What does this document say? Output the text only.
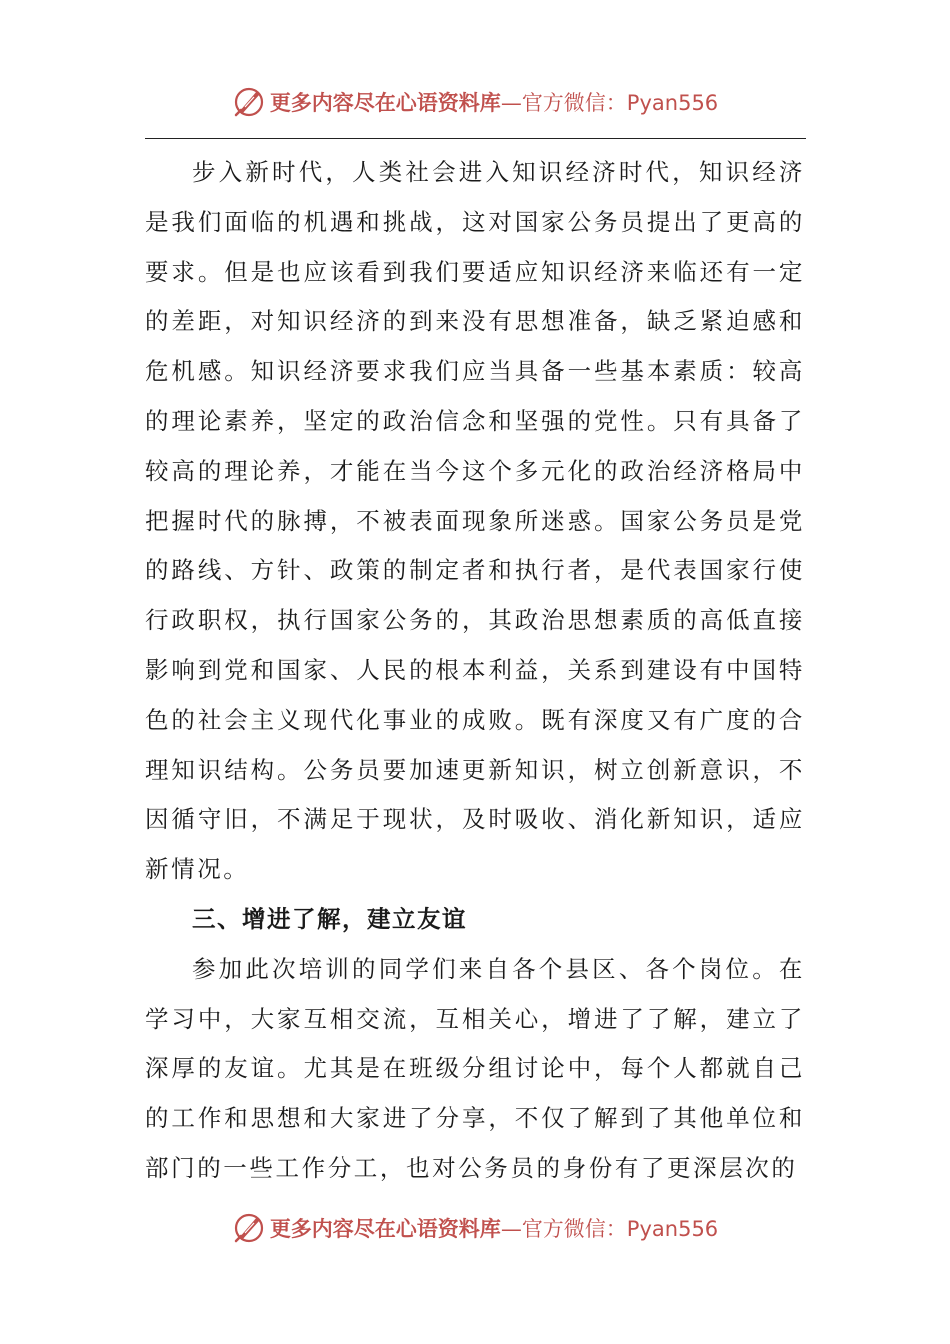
更多内容尽在心语资料库—官方微信：Pyan556

步入新时代，人类社会进入知识经济时代，知识经济是我们面临的机遇和挑战，这对国家公务员提出了更高的要求。但是也应该看到我们要适应知识经济来临还有一定的差距，对知识经济的到来没有思想准备，缺乏紧迫感和危机感。知识经济要求我们应当具备一些基本素质：较高的理论素养，坚定的政治信念和坚强的党性。只有具备了较高的理论养，才能在当今这个多元化的政治经济格局中把握时代的脉搏，不被表面现象所迷惑。国家公务员是党的路线、方针、政策的制定者和执行者，是代表国家行使行政职权，执行国家公务的，其政治思想素质的高低直接影响到党和国家、人民的根本利益，关系到建设有中国特色的社会主义现代化事业的成败。既有深度又有广度的合理知识结构。公务员要加速更新知识，树立创新意识，不因循守旧，不满足于现状，及时吸收、消化新知识，适应新情况。

三、增进了解，建立友谊

参加此次培训的同学们来自各个县区、各个岗位。在学习中，大家互相交流，互相关心，增进了了解，建立了深厚的友谊。尤其是在班级分组讨论中，每个人都就自己的工作和思想和大家进了分享，不仅了解到了其他单位和部门的一些工作分工，也对公务员的身份有了更深层次的

更多内容尽在心语资料库—官方微信：Pyan556
